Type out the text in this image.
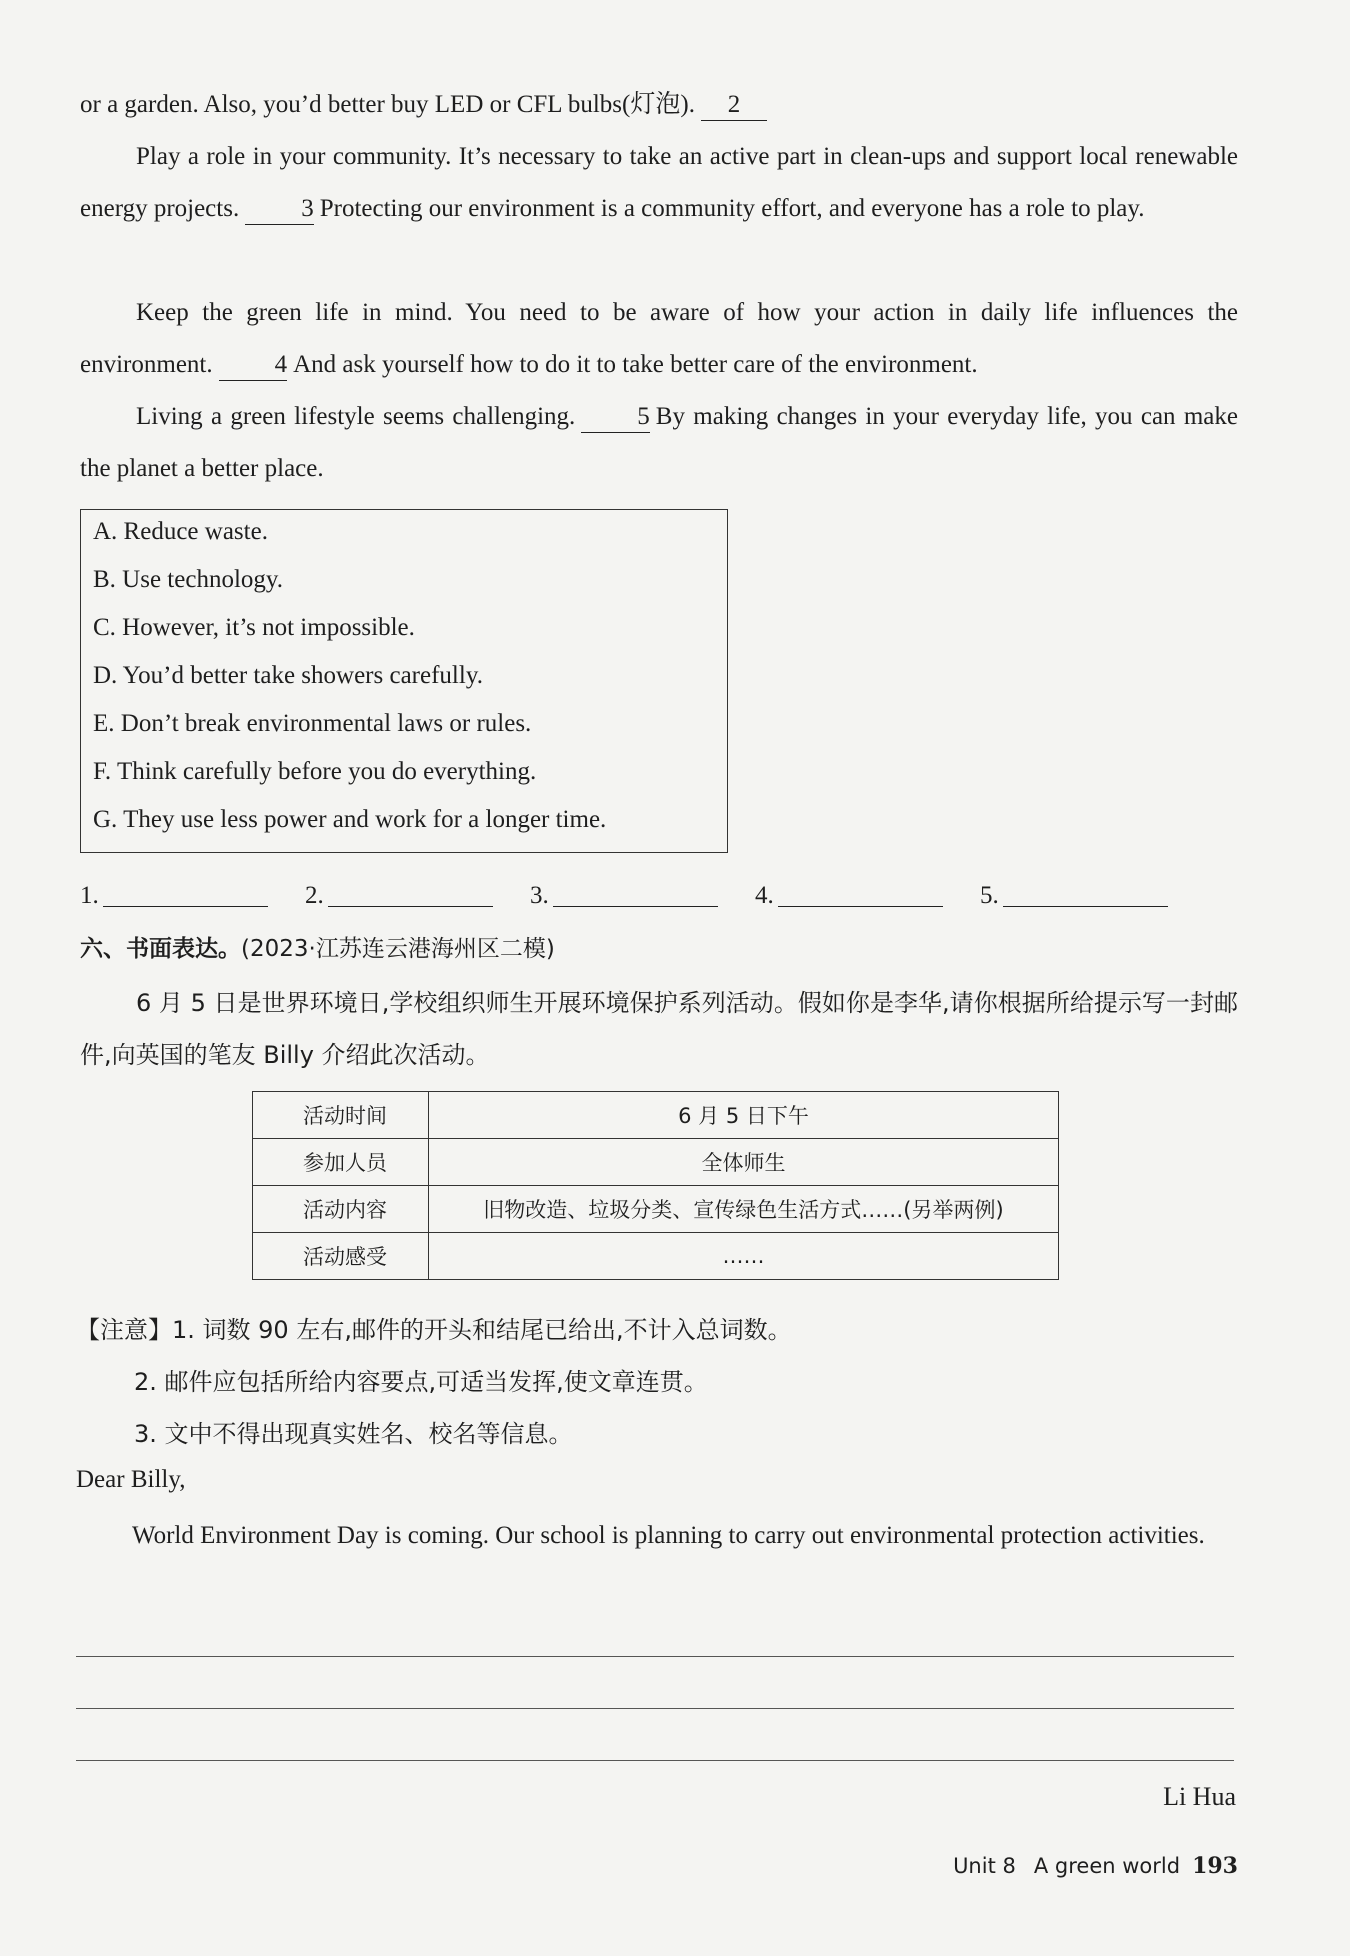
or a garden. Also, you’d better buy LED or CFL bulbs(灯泡). 2

Play a role in your community. It’s necessary to take an active part in clean-ups and support local renewable energy projects. 3 Protecting our environment is a community effort, and everyone has a role to play.

Keep the green life in mind. You need to be aware of how your action in daily life influences the environment. 4 And ask yourself how to do it to take better care of the environment.

Living a green lifestyle seems challenging. 5 By making changes in your everyday life, you can make the planet a better place.

A. Reduce waste.
B. Use technology.
C. However, it’s not impossible.
D. You’d better take showers carefully.
E. Don’t break environmental laws or rules.
F. Think carefully before you do everything.
G. They use less power and work for a longer time.
1.	2.	3.	4.	5.
六、书面表达。(2023·江苏连云港海州区二模)

6 月 5 日是世界环境日,学校组织师生开展环境保护系列活动。假如你是李华,请你根据所给提示写一封邮件,向英国的笔友 Billy 介绍此次活动。

活动时间	6 月 5 日下午
参加人员	全体师生
活动内容	旧物改造、垃圾分类、宣传绿色生活方式……(另举两例)
活动感受	……
【注意】1. 词数 90 左右,邮件的开头和结尾已给出,不计入总词数。
2. 邮件应包括所给内容要点,可适当发挥,使文章连贯。
3. 文中不得出现真实姓名、校名等信息。
Dear Billy,

World Environment Day is coming. Our school is planning to carry out environmental protection activities.

Li Hua
Unit 8 A green world 193
